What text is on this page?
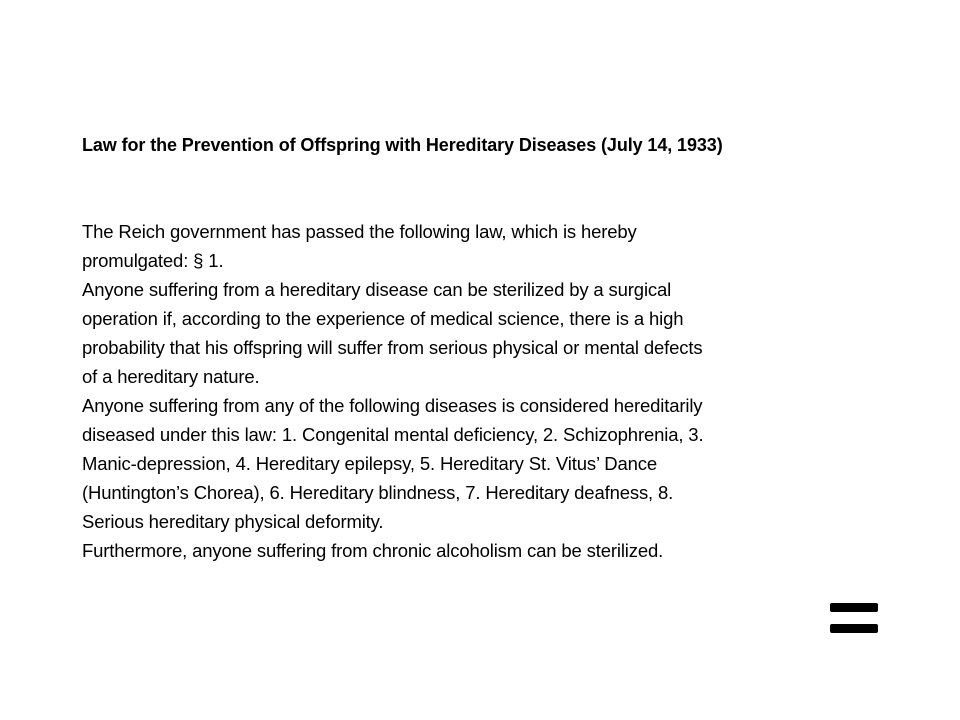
Law for the Prevention of Offspring with Hereditary Diseases (July 14, 1933)
The Reich government has passed the following law, which is hereby
promulgated: § 1.
Anyone suffering from a hereditary disease can be sterilized by a surgical
operation if, according to the experience of medical science, there is a high
probability that his offspring will suffer from serious physical or mental defects
of a hereditary nature.
Anyone suffering from any of the following diseases is considered hereditarily
diseased under this law: 1. Congenital mental deficiency, 2. Schizophrenia, 3.
Manic-depression, 4. Hereditary epilepsy, 5. Hereditary St. Vitus’ Dance
(Huntington’s Chorea), 6. Hereditary blindness, 7. Hereditary deafness, 8.
Serious hereditary physical deformity.
Furthermore, anyone suffering from chronic alcoholism can be sterilized.
